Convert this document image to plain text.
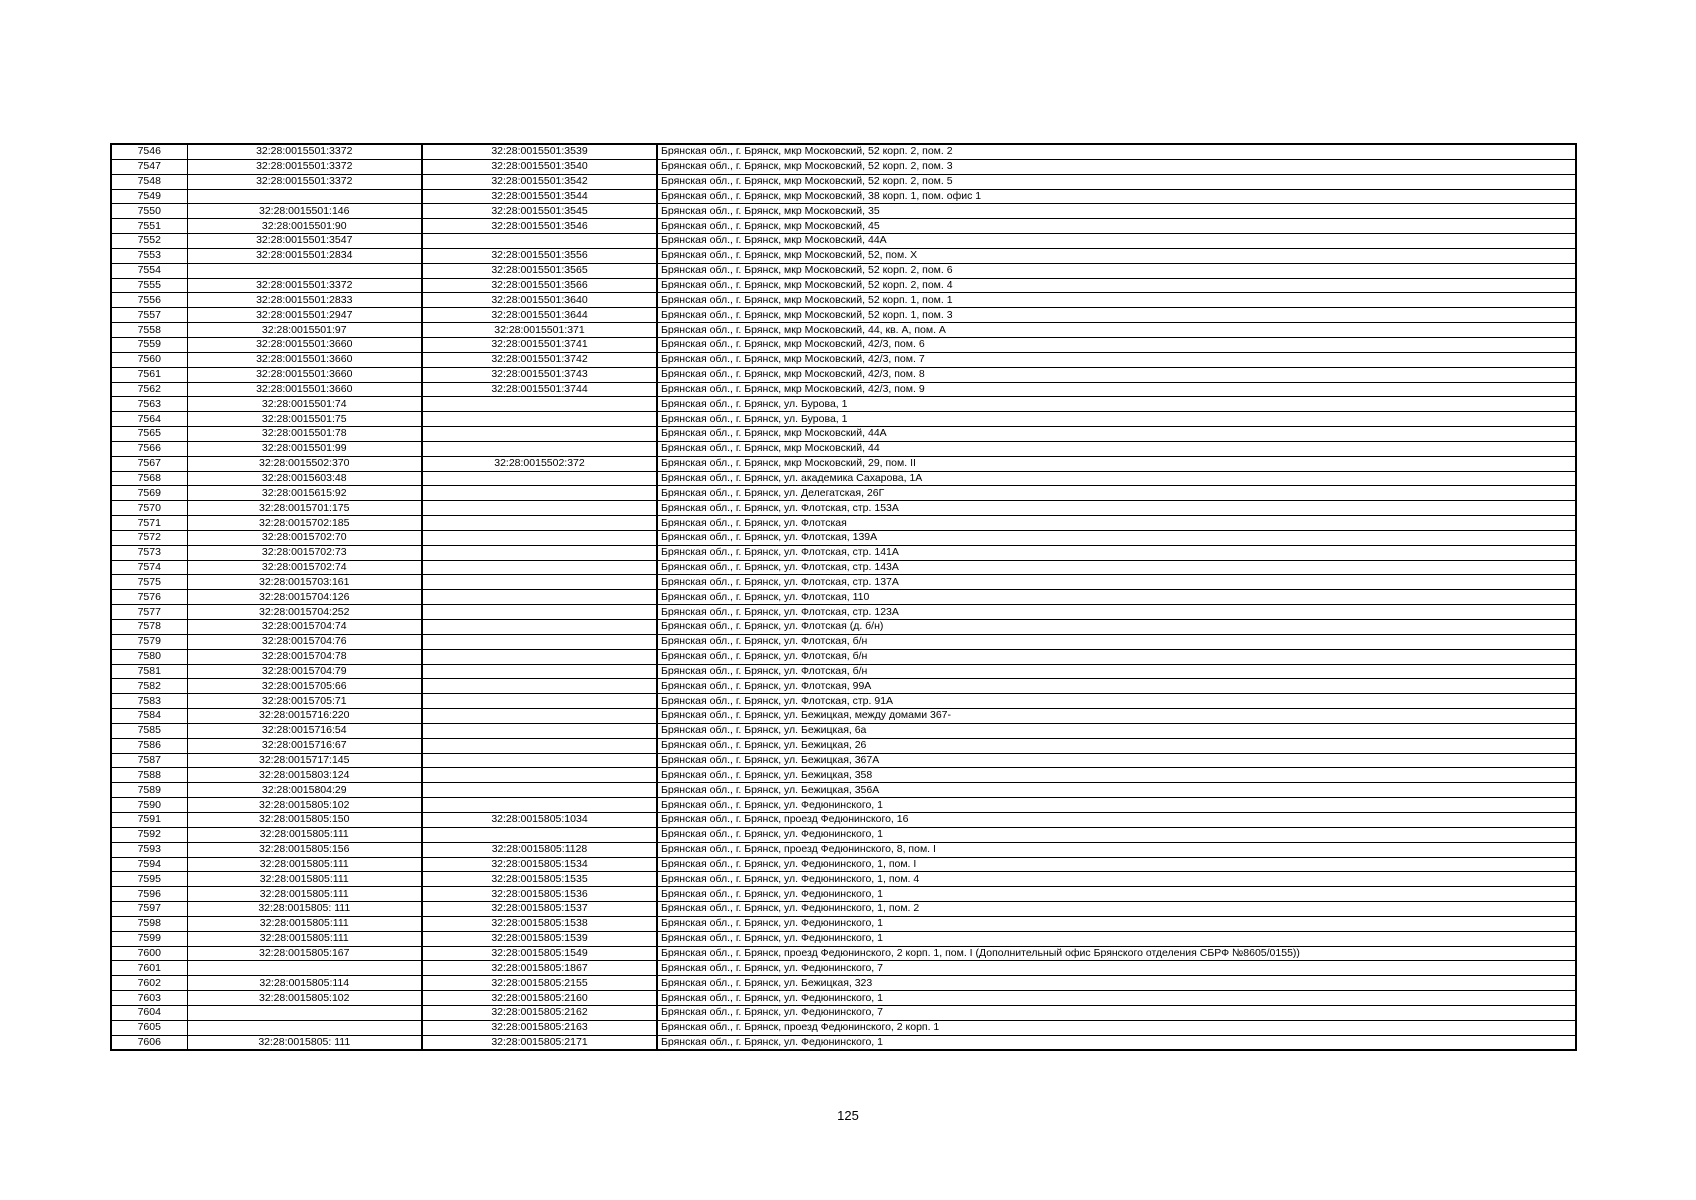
7546	32:28:0015501:3372	32:28:0015501:3539	Брянская обл., г. Брянск, мкр Московский, 52 корп. 2, пом. 2
7547	32:28:0015501:3372	32:28:0015501:3540	Брянская обл., г. Брянск, мкр Московский, 52 корп. 2, пом. 3
7548	32:28:0015501:3372	32:28:0015501:3542	Брянская обл., г. Брянск, мкр Московский, 52 корп. 2, пом. 5
7549		32:28:0015501:3544	Брянская обл., г. Брянск, мкр Московский, 38 корп. 1, пом. офис 1
7550	32:28:0015501:146	32:28:0015501:3545	Брянская обл., г. Брянск, мкр Московский, 35
7551	32:28:0015501:90	32:28:0015501:3546	Брянская обл., г. Брянск, мкр Московский, 45
7552	32:28:0015501:3547		Брянская обл., г. Брянск, мкр Московский, 44А
7553	32:28:0015501:2834	32:28:0015501:3556	Брянская обл., г. Брянск, мкр Московский, 52, пом. X
7554		32:28:0015501:3565	Брянская обл., г. Брянск, мкр Московский, 52 корп. 2, пом. 6
7555	32:28:0015501:3372	32:28:0015501:3566	Брянская обл., г. Брянск, мкр Московский, 52 корп. 2, пом. 4
7556	32:28:0015501:2833	32:28:0015501:3640	Брянская обл., г. Брянск, мкр Московский, 52 корп. 1, пом. 1
7557	32:28:0015501:2947	32:28:0015501:3644	Брянская обл., г. Брянск, мкр Московский, 52 корп. 1, пом. 3
7558	32:28:0015501:97	32:28:0015501:371	Брянская обл., г. Брянск, мкр Московский, 44, кв. А, пом. А
7559	32:28:0015501:3660	32:28:0015501:3741	Брянская обл., г. Брянск, мкр Московский, 42/3, пом. 6
7560	32:28:0015501:3660	32:28:0015501:3742	Брянская обл., г. Брянск, мкр Московский, 42/3, пом. 7
7561	32:28:0015501:3660	32:28:0015501:3743	Брянская обл., г. Брянск, мкр Московский, 42/3, пом. 8
7562	32:28:0015501:3660	32:28:0015501:3744	Брянская обл., г. Брянск, мкр Московский, 42/3, пом. 9
7563	32:28:0015501:74		Брянская обл., г. Брянск, ул. Бурова, 1
7564	32:28:0015501:75		Брянская обл., г. Брянск, ул. Бурова, 1
7565	32:28:0015501:78		Брянская обл., г. Брянск, мкр Московский, 44А
7566	32:28:0015501:99		Брянская обл., г. Брянск, мкр Московский, 44
7567	32:28:0015502:370	32:28:0015502:372	Брянская обл., г. Брянск, мкр Московский, 29, пом. II
7568	32:28:0015603:48		Брянская обл., г. Брянск, ул. академика Сахарова, 1А
7569	32:28:0015615:92		Брянская обл., г. Брянск, ул. Делегатская, 26Г
7570	32:28:0015701:175		Брянская обл., г. Брянск, ул. Флотская, стр. 153А
7571	32:28:0015702:185		Брянская обл., г. Брянск, ул. Флотская
7572	32:28:0015702:70		Брянская обл., г. Брянск, ул. Флотская, 139А
7573	32:28:0015702:73		Брянская обл., г. Брянск, ул. Флотская, стр. 141А
7574	32:28:0015702:74		Брянская обл., г. Брянск, ул. Флотская, стр. 143А
7575	32:28:0015703:161		Брянская обл., г. Брянск, ул. Флотская, стр. 137А
7576	32:28:0015704:126		Брянская обл., г. Брянск, ул. Флотская, 110
7577	32:28:0015704:252		Брянская обл., г. Брянск, ул. Флотская, стр. 123А
7578	32:28:0015704:74		Брянская обл., г. Брянск, ул. Флотская (д. б/н)
7579	32:28:0015704:76		Брянская обл., г. Брянск, ул. Флотская, б/н
7580	32:28:0015704:78		Брянская обл., г. Брянск, ул. Флотская, б/н
7581	32:28:0015704:79		Брянская обл., г. Брянск, ул. Флотская, б/н
7582	32:28:0015705:66		Брянская обл., г. Брянск, ул. Флотская, 99А
7583	32:28:0015705:71		Брянская обл., г. Брянск, ул. Флотская, стр. 91А
7584	32:28:0015716:220		Брянская обл., г. Брянск, ул. Бежицкая, между домами 367-
7585	32:28:0015716:54		Брянская обл., г. Брянск, ул. Бежицкая, 6а
7586	32:28:0015716:67		Брянская обл., г. Брянск, ул. Бежицкая, 26
7587	32:28:0015717:145		Брянская обл., г. Брянск, ул. Бежицкая, 367А
7588	32:28:0015803:124		Брянская обл., г. Брянск, ул. Бежицкая, 358
7589	32:28:0015804:29		Брянская обл., г. Брянск, ул. Бежицкая, 356А
7590	32:28:0015805:102		Брянская обл., г. Брянск, ул. Федюнинского, 1
7591	32:28:0015805:150	32:28:0015805:1034	Брянская обл., г. Брянск, проезд Федюнинского, 16
7592	32:28:0015805:111		Брянская обл., г. Брянск, ул. Федюнинского, 1
7593	32:28:0015805:156	32:28:0015805:1128	Брянская обл., г. Брянск, проезд Федюнинского, 8, пом. I
7594	32:28:0015805:111	32:28:0015805:1534	Брянская обл., г. Брянск, ул. Федюнинского, 1, пом. I
7595	32:28:0015805:111	32:28:0015805:1535	Брянская обл., г. Брянск, ул. Федюнинского, 1, пом. 4
7596	32:28:0015805:111	32:28:0015805:1536	Брянская обл., г. Брянск, ул. Федюнинского, 1
7597	32:28:0015805: 111	32:28:0015805:1537	Брянская обл., г. Брянск, ул. Федюнинского, 1, пом. 2
7598	32:28:0015805:111	32:28:0015805:1538	Брянская обл., г. Брянск, ул. Федюнинского, 1
7599	32:28:0015805:111	32:28:0015805:1539	Брянская обл., г. Брянск, ул. Федюнинского, 1
7600	32:28:0015805:167	32:28:0015805:1549	Брянская обл., г. Брянск, проезд Федюнинского, 2 корп. 1, пом. I (Дополнительный офис Брянского отделения СБРФ №8605/0155))
7601		32:28:0015805:1867	Брянская обл., г. Брянск, ул. Федюнинского, 7
7602	32:28:0015805:114	32:28:0015805:2155	Брянская обл., г. Брянск, ул. Бежицкая, 323
7603	32:28:0015805:102	32:28:0015805:2160	Брянская обл., г. Брянск, ул. Федюнинского, 1
7604		32:28:0015805:2162	Брянская обл., г. Брянск, ул. Федюнинского, 7
7605		32:28:0015805:2163	Брянская обл., г. Брянск, проезд Федюнинского, 2 корп. 1
7606	32:28:0015805: 111	32:28:0015805:2171	Брянская обл., г. Брянск, ул. Федюнинского, 1
125
